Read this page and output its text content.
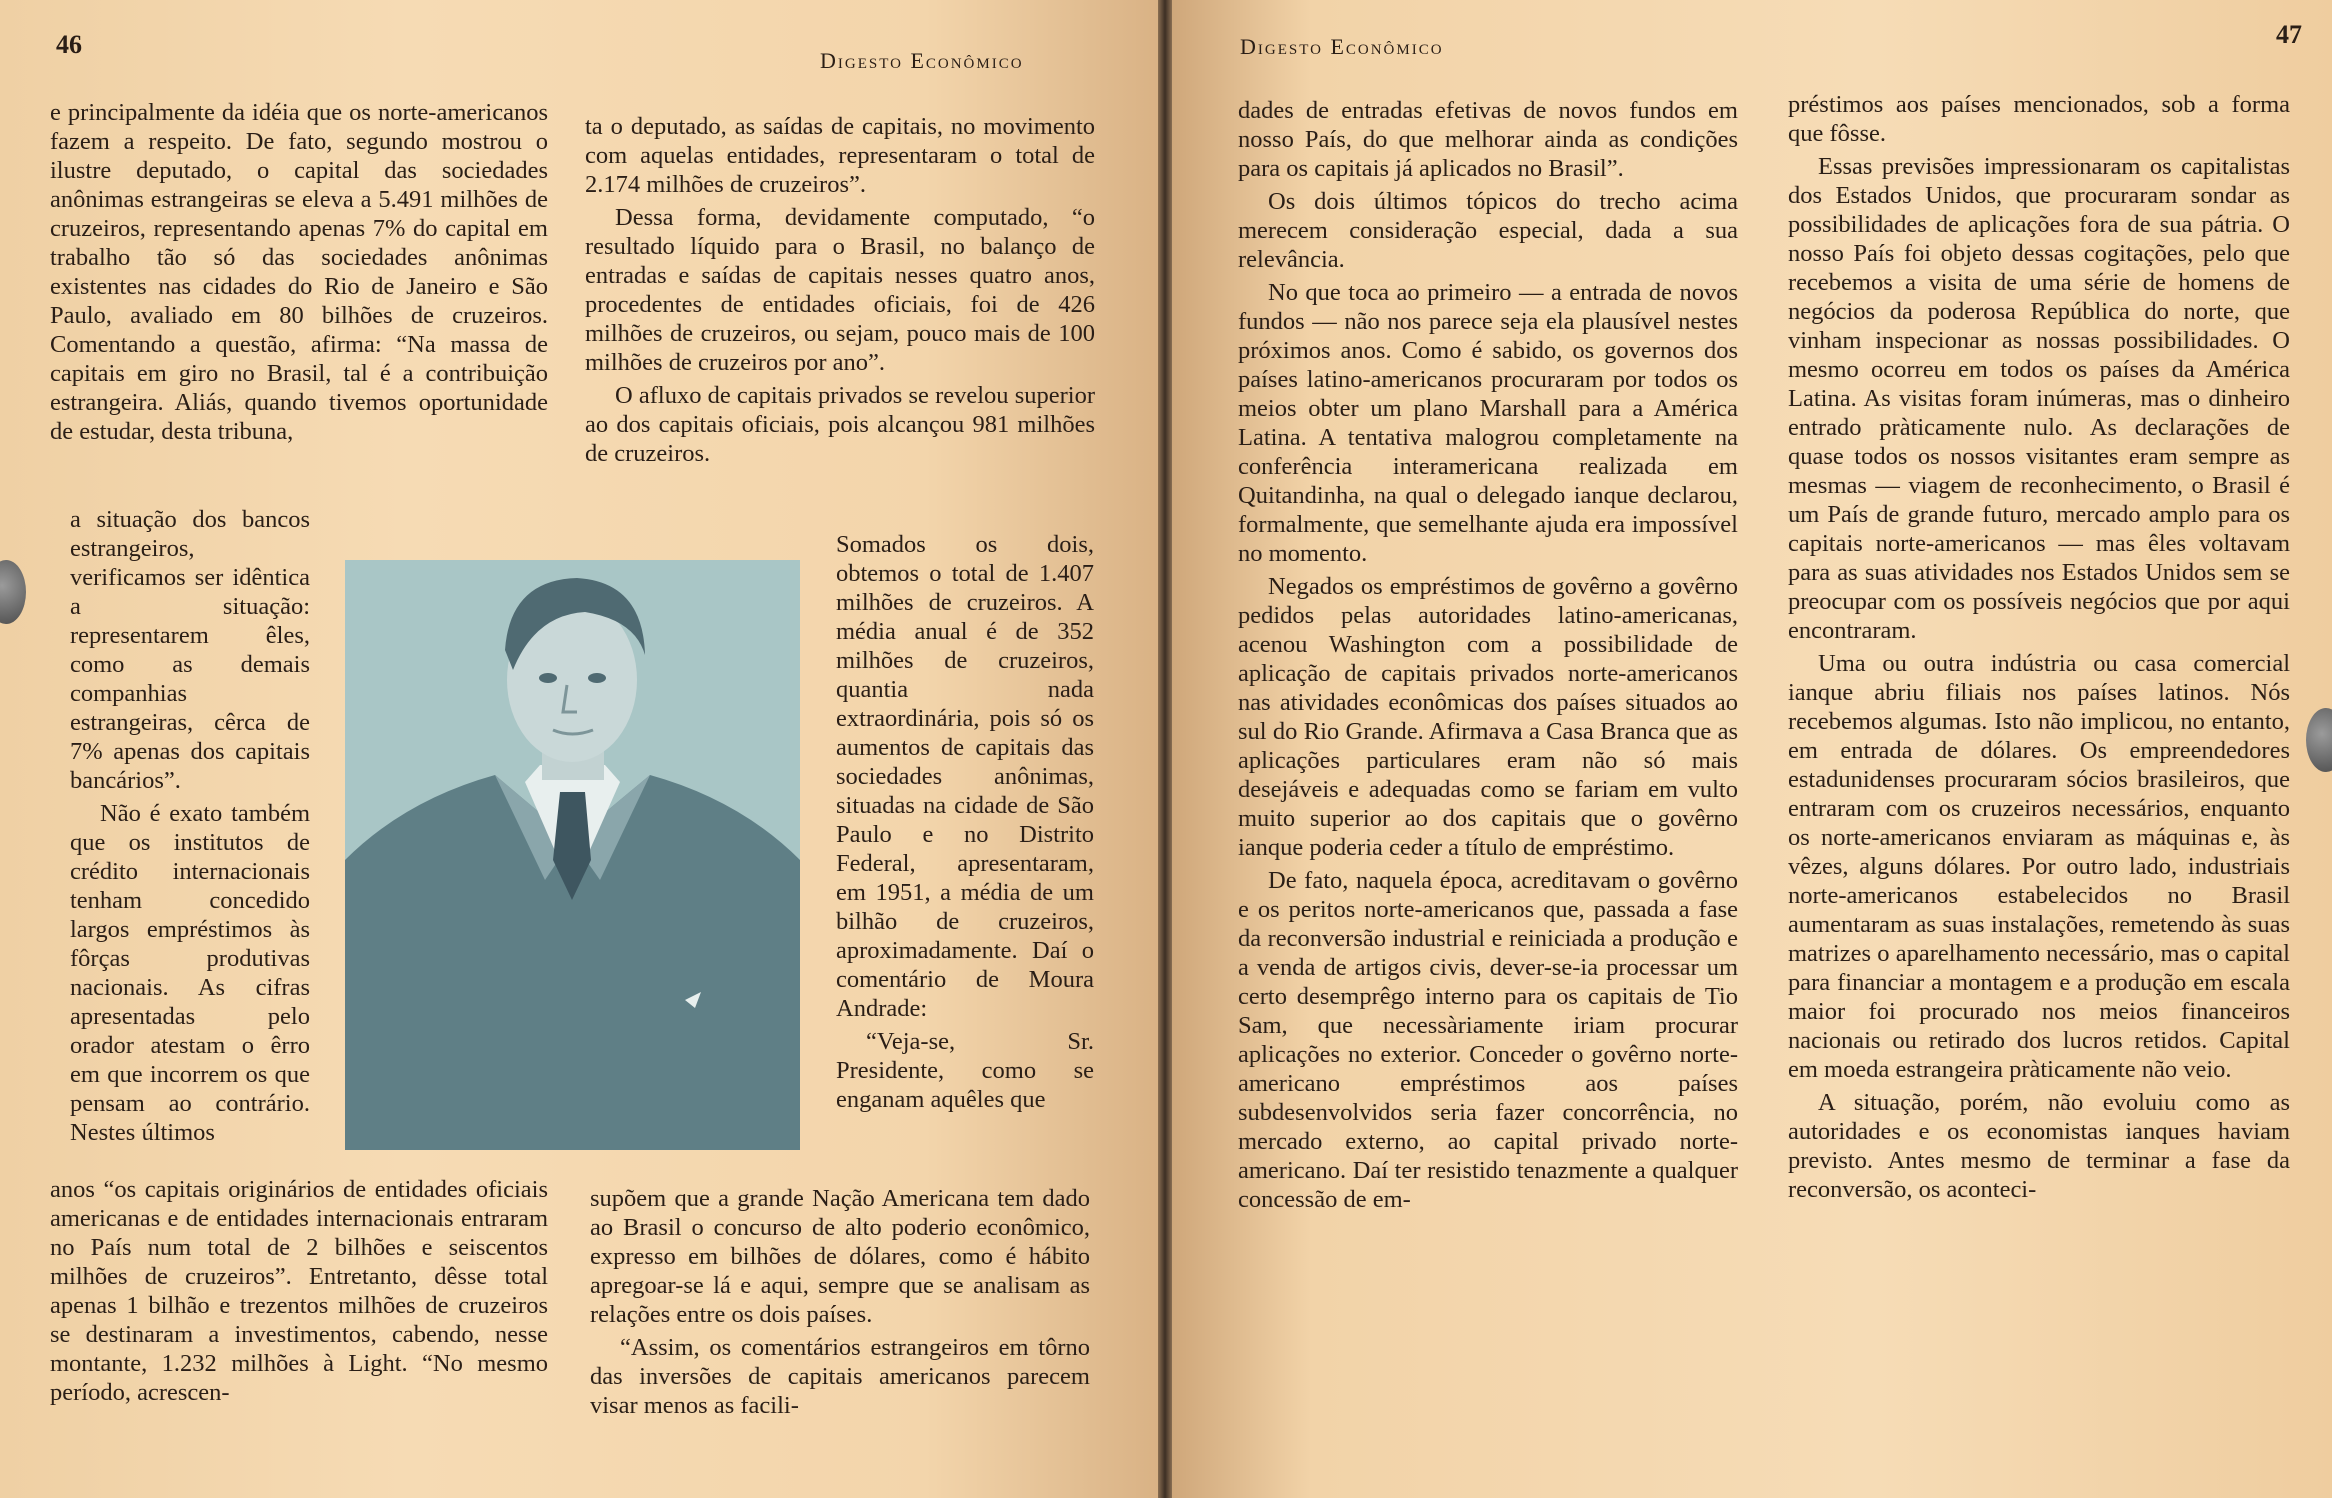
46
Digesto Econômico

e principalmente da idéia que os norte-americanos fazem a respeito. De fato, segundo mostrou o ilustre deputado, o capital das sociedades anônimas estrangeiras se eleva a 5.491 milhões de cruzeiros, representando apenas 7% do capital em trabalho tão só das sociedades anônimas existentes nas cidades do Rio de Janeiro e São Paulo, avaliado em 80 bilhões de cruzeiros. Comentando a questão, afirma: “Na massa de capitais em giro no Brasil, tal é a contribuição estrangeira. Aliás, quando tivemos oportunidade de estudar, desta tribuna,

a situação dos bancos estrangeiros, verificamos ser idêntica a situação: representarem êles, como as demais companhias estrangeiras, cêrca de 7% apenas dos capitais bancários”.

Não é exato também que os institutos de crédito internacionais tenham concedido largos empréstimos às fôrças produtivas nacionais. As cifras apresentadas pelo orador atestam o êrro em que incorrem os que pensam ao contrário. Nestes últimos

anos “os capitais originários de entidades oficiais americanas e de entidades internacionais entraram no País num total de 2 bilhões e seiscentos milhões de cruzeiros”. Entretanto, dêsse total apenas 1 bilhão e trezentos milhões de cruzeiros se destinaram a investimentos, cabendo, nesse montante, 1.232 milhões à Light. “No mesmo período, acrescen-

ta o deputado, as saídas de capitais, no movimento com aquelas entidades, representaram o total de 2.174 milhões de cruzeiros”.

Dessa forma, devidamente computado, “o resultado líquido para o Brasil, no balanço de entradas e saídas de capitais nesses quatro anos, procedentes de entidades oficiais, foi de 426 milhões de cruzeiros, ou sejam, pouco mais de 100 milhões de cruzeiros por ano”.

O afluxo de capitais privados se revelou superior ao dos capitais oficiais, pois alcançou 981 milhões de cruzeiros.

Somados os dois, obtemos o total de 1.407 milhões de cruzeiros. A média anual é de 352 milhões de cruzeiros, quantia nada extraordinária, pois só os aumentos de capitais das sociedades anônimas, situadas na cidade de São Paulo e no Distrito Federal, apresentaram, em 1951, a média de um bilhão de cruzeiros, aproximadamente. Daí o comentário de Moura Andrade:

“Veja-se, Sr. Presidente, como se enganam aquêles que

supõem que a grande Nação Americana tem dado ao Brasil o concurso de alto poderio econômico, expresso em bilhões de dólares, como é hábito apregoar-se lá e aqui, sempre que se analisam as relações entre os dois países.

“Assim, os comentários estrangeiros em tôrno das inversões de capitais americanos parecem visar menos as facili-

Digesto Econômico	47

dades de entradas efetivas de novos fundos em nosso País, do que melhorar ainda as condições para os capitais já aplicados no Brasil”.

Os dois últimos tópicos do trecho acima merecem consideração especial, dada a sua relevância.

No que toca ao primeiro — a entrada de novos fundos — não nos parece seja ela plausível nestes próximos anos. Como é sabido, os governos dos países latino-americanos procuraram por todos os meios obter um plano Marshall para a América Latina. A tentativa malogrou completamente na conferência interamericana realizada em Quitandinha, na qual o delegado ianque declarou, formalmente, que semelhante ajuda era impossível no momento.

Negados os empréstimos de govêrno a govêrno pedidos pelas autoridades latino-americanas, acenou Washington com a possibilidade de aplicação de capitais privados norte-americanos nas atividades econômicas dos países situados ao sul do Rio Grande. Afirmava a Casa Branca que as aplicações particulares eram não só mais desejáveis e adequadas como se fariam em vulto muito superior ao dos capitais que o govêrno ianque poderia ceder a título de empréstimo.

De fato, naquela época, acreditavam o govêrno e os peritos norte-americanos que, passada a fase da reconversão industrial e reiniciada a produção e a venda de artigos civis, dever-se-ia processar um certo desemprêgo interno para os capitais de Tio Sam, que necessàriamente iriam procurar aplicações no exterior. Conceder o govêrno norte-americano empréstimos aos países subdesenvolvidos seria fazer concorrência, no mercado externo, ao capital privado norte-americano. Daí ter resistido tenazmente a qualquer concessão de em-

préstimos aos países mencionados, sob a forma que fôsse.

Essas previsões impressionaram os capitalistas dos Estados Unidos, que procuraram sondar as possibilidades de aplicações fora de sua pátria. O nosso País foi objeto dessas cogitações, pelo que recebemos a visita de uma série de homens de negócios da poderosa República do norte, que vinham inspecionar as nossas possibilidades. O mesmo ocorreu em todos os países da América Latina. As visitas foram inúmeras, mas o dinheiro entrado pràticamente nulo. As declarações de quase todos os nossos visitantes eram sempre as mesmas — viagem de reconhecimento, o Brasil é um País de grande futuro, mercado amplo para os capitais norte-americanos — mas êles voltavam para as suas atividades nos Estados Unidos sem se preocupar com os possíveis negócios que por aqui encontraram.

Uma ou outra indústria ou casa comercial ianque abriu filiais nos países latinos. Nós recebemos algumas. Isto não implicou, no entanto, em entrada de dólares. Os empreendedores estadunidenses procuraram sócios brasileiros, que entraram com os cruzeiros necessários, enquanto os norte-americanos enviaram as máquinas e, às vêzes, alguns dólares. Por outro lado, industriais norte-americanos estabelecidos no Brasil aumentaram as suas instalações, remetendo às suas matrizes o aparelhamento necessário, mas o capital para financiar a montagem e a produção em escala maior foi procurado nos meios financeiros nacionais ou retirado dos lucros retidos. Capital em moeda estrangeira pràticamente não veio.

A situação, porém, não evoluiu como as autoridades e os economistas ianques haviam previsto. Antes mesmo de terminar a fase da reconversão, os aconteci-
